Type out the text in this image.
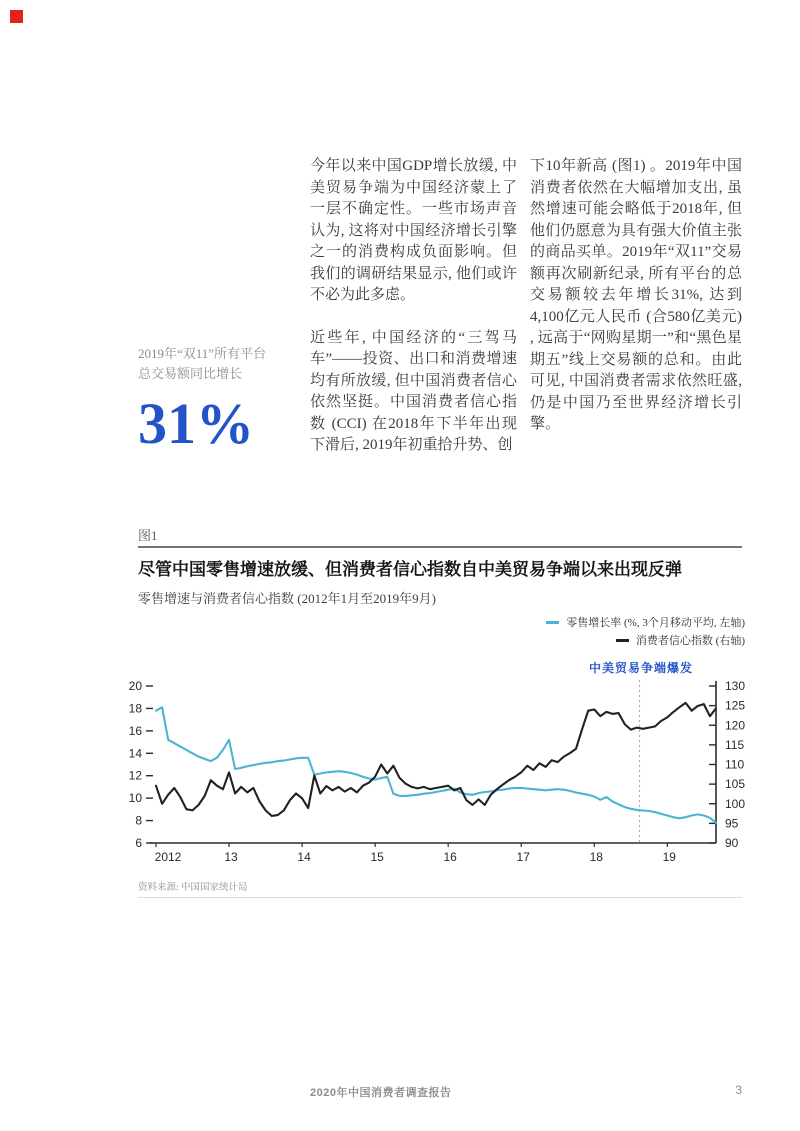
2019年“双11”所有平台
总交易额同比增长
31%

今年以来中国GDP增长放缓, 中美贸易争端为中国经济蒙上了一层不确定性。一些市场声音认为, 这将对中国经济增长引擎之一的消费构成负面影响。但我们的调研结果显示, 他们或许不必为此多虑。

近些年, 中国经济的“三驾马车”——投资、出口和消费增速均有所放缓, 但中国消费者信心依然坚挺。中国消费者信心指数 (CCI) 在2018年下半年出现下滑后, 2019年初重拾升势、创

下10年新高 (图1) 。2019年中国消费者依然在大幅增加支出, 虽然增速可能会略低于2018年, 但他们仍愿意为具有强大价值主张的商品买单。2019年“双11”交易额再次刷新纪录, 所有平台的总交易额较去年增长31%, 达到4,100亿元人民币 (合580亿美元) , 远高于“网购星期一”和“黑色星期五”线上交易额的总和。由此可见, 中国消费者需求依然旺盛, 仍是中国乃至世界经济增长引擎。

图1
尽管中国零售增速放缓、但消费者信心指数自中美贸易争端以来出现反弹
零售增速与消费者信心指数 (2012年1月至2019年9月)
零售增长率 (%, 3个月移动平均, 左轴)
消费者信心指数 (右轴)
中美贸易争端爆发
20
18
16
14
12
10
8
6
130
125
120
115
110
105
100
95
90
2012	13	14	15	16	17	18	19
资料来源: 中国国家统计局
2020年中国消费者调查报告	3
